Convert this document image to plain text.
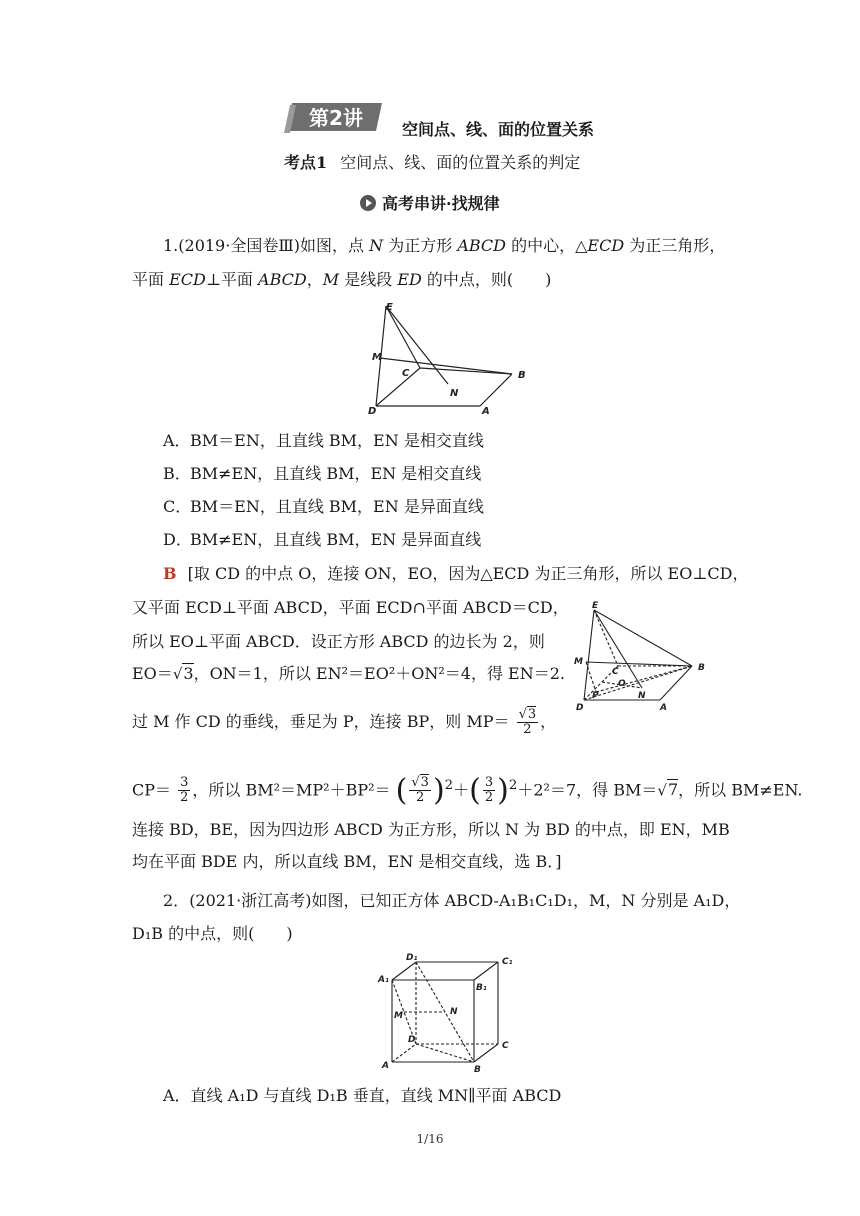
第2讲 空间点、线、面的位置关系
考点1 空间点、线、面的位置关系的判定
高考串讲·找规律
1.(2019·全国卷Ⅲ)如图，点 N 为正方形 ABCD 的中心，△ECD 为正三角形，
平面 ECD⊥平面 ABCD，M 是线段 ED 的中点，则(　　)
E
M
C
N
B
D	A
A． BM＝EN，且直线 BM，EN 是相交直线
B． BM≠EN，且直线 BM，EN 是相交直线
C．
BM＝EN，且直线 BM，EN 是异面直线
D．
BM≠EN，且直线 BM，EN 是异面直线
B [取 CD 的中点 O，连接 ON，EO，因为△ECD 为正三角形，所以 EO⊥CD，
又平面 ECD⊥平面 ABCD，平面 ECD∩平面 ABCD＝CD，
所以 EO⊥平面 ABCD．设正方形 ABCD 的边长为 2，则
EO＝√3，ON＝1，所以 EN²＝EO²＋ON²＝4，得 EN＝2.
过 M 作 CD 的垂线，垂足为 P，连接 BP，则 $MP= \frac{√3}{2}$ ，
E
M
C
O
B
P	N
D	A
$CP= \frac{3}{2}$ ，所以 BM²＝MP²＋BP²＝ ( $\frac{√3}{2} )^2+( \frac{3}{2} )^2+2^2=7$，得 BM＝√7，所以 BM≠EN.
连接 BD，BE，因为四边形 ABCD 为正方形，所以 N 为 BD 的中点，即 EN，MB
均在平面 BDE 内，所以直线 BM，EN 是相交直线，选 B．]
2．(2021·浙江高考)如图，已知正方体 ABCD-A₁B₁C₁D₁，M，N 分别是 A₁D，
D₁B 的中点，则(　　)
D₁	C₁
A₁
B₁
M	N
D
C
A	B
A．直线 A₁D 与直线 D₁B 垂直，直线 MN∥平面 ABCD
1/16
